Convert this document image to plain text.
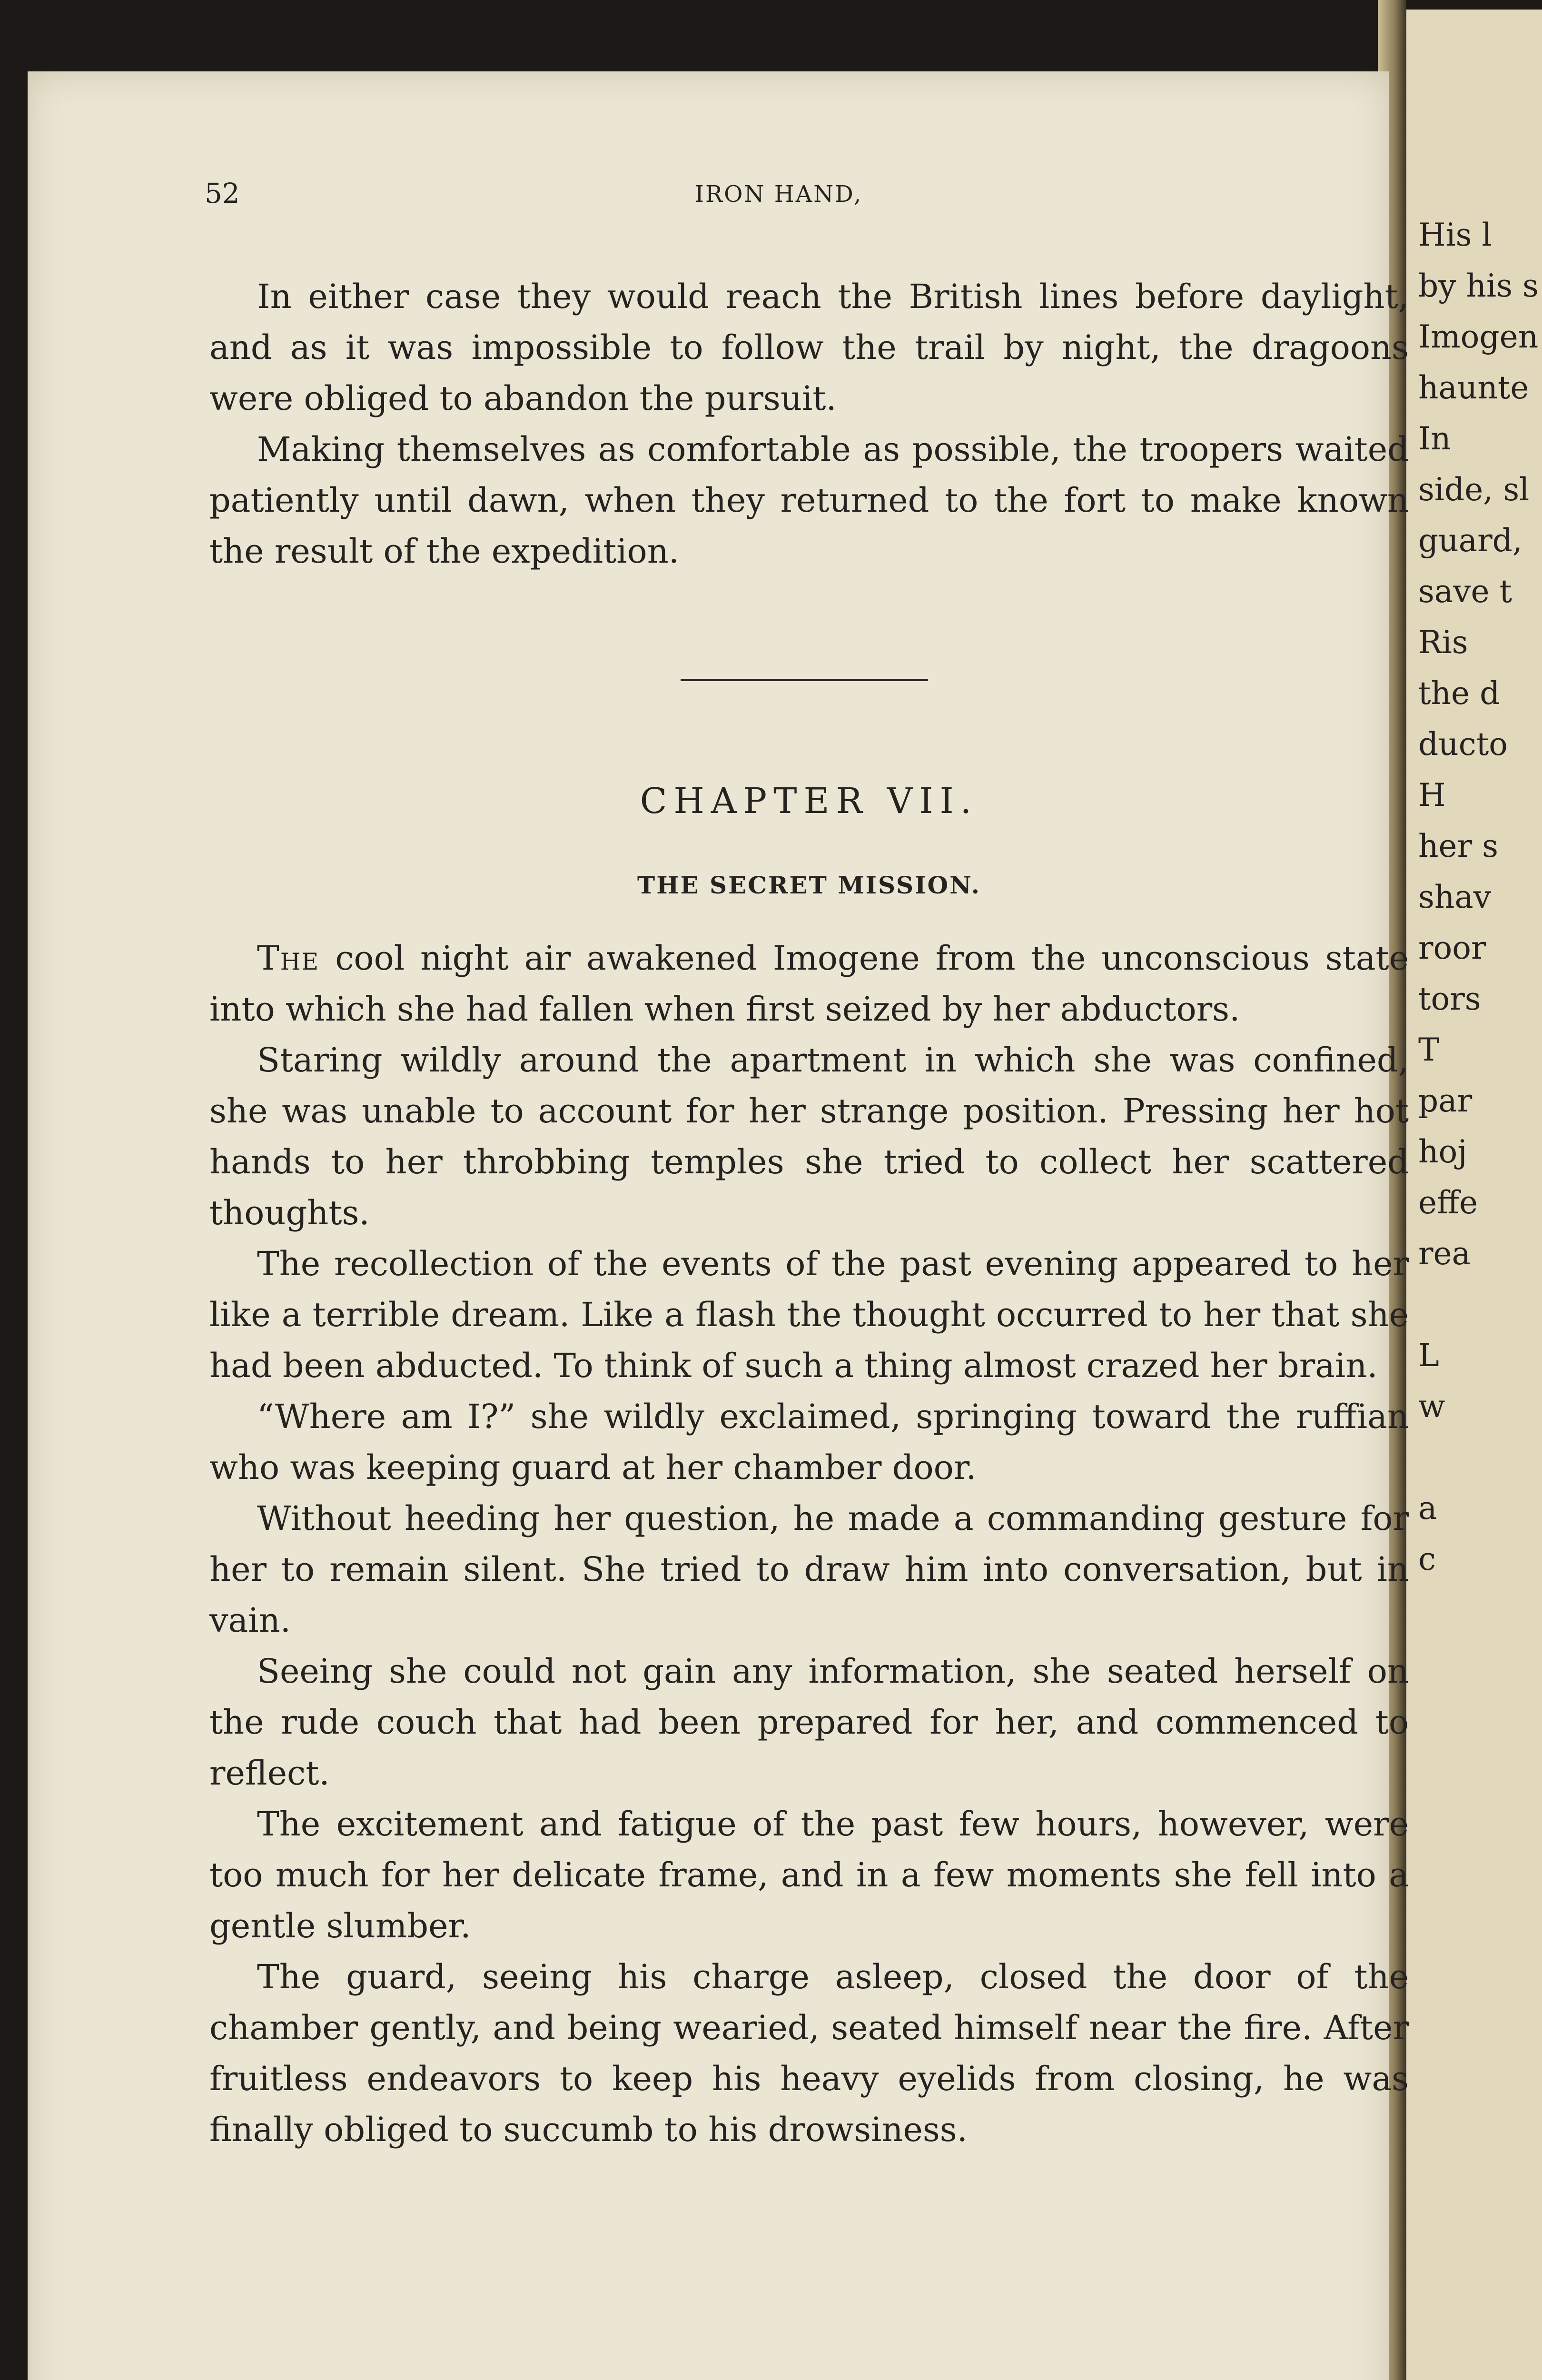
His l
by his s
Imogen
haunte
In
side, sl
guard,
save t
Ris
the d
ducto
H
her s
shav
roor
tors
T
par
hoj
effe
rea
L
w
a
c
52	IRON HAND,

In either case they would reach the British lines before daylight, and as it was impossible to follow the trail by night, the dragoons were obliged to abandon the pursuit.

Making themselves as comfortable as possible, the troopers waited patiently until dawn, when they returned to the fort to make known the result of the expedition.

CHAPTER VII.
THE SECRET MISSION.

The cool night air awakened Imogene from the unconscious state into which she had fallen when first seized by her abductors.

Staring wildly around the apartment in which she was confined, she was unable to account for her strange position. Pressing her hot hands to her throbbing temples she tried to collect her scattered thoughts.

The recollection of the events of the past evening appeared to her like a terrible dream. Like a flash the thought occurred to her that she had been abducted. To think of such a thing almost crazed her brain.

“Where am I?” she wildly exclaimed, springing toward the ruffian who was keeping guard at her chamber door.

Without heeding her question, he made a commanding gesture for her to remain silent. She tried to draw him into conversation, but in vain.

Seeing she could not gain any information, she seated herself on the rude couch that had been prepared for her, and commenced to reflect.

The excitement and fatigue of the past few hours, however, were too much for her delicate frame, and in a few moments she fell into a gentle slumber.

The guard, seeing his charge asleep, closed the door of the chamber gently, and being wearied, seated himself near the fire. After fruitless endeavors to keep his heavy eyelids from closing, he was finally obliged to succumb to his drowsiness.
